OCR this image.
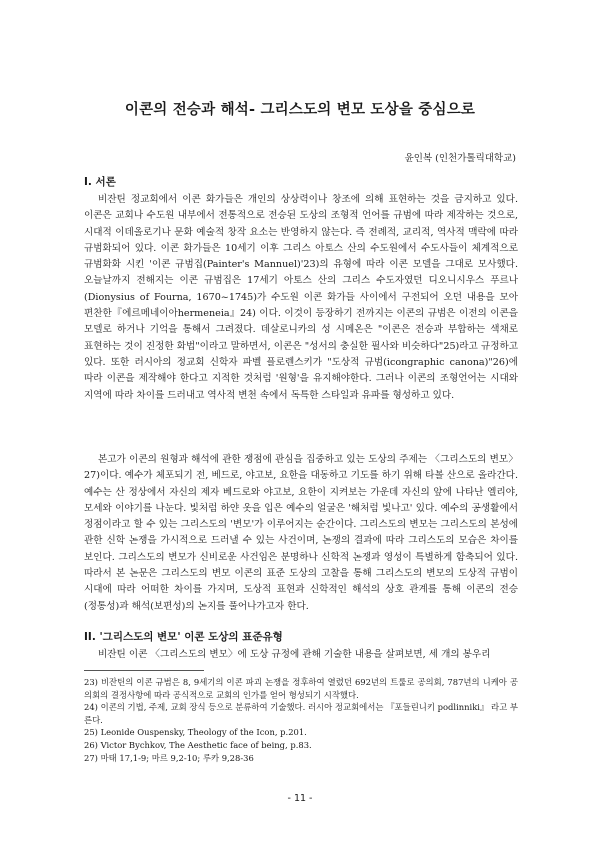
이콘의 전승과 해석- 그리스도의 변모 도상을 중심으로
윤인복 (인천가톨릭대학교)
I. 서론

비잔틴 정교회에서 이콘 화가들은 개인의 상상력이나 창조에 의해 표현하는 것을 금지하고 있다. 이콘은 교회나 수도원 내부에서 전통적으로 전승된 도상의 조형적 언어를 규범에 따라 제작하는 것으로, 시대적 이데올로기나 문화 예술적 창작 요소는 반영하지 않는다. 즉 전례적, 교리적, 역사적 맥락에 따라 규범화되어 있다. 이콘 화가들은 10세기 이후 그리스 아토스 산의 수도원에서 수도사들이 체계적으로 규범화화 시킨 '이콘 규범집(Painter's Mannuel)'23)의 유형에 따라 이콘 모델을 그대로 모사했다. 오늘날까지 전해지는 이콘 규범집은 17세기 아토스 산의 그리스 수도자였던 디오니시우스 푸르나(Dionysius of Fourna, 1670~1745)가 수도원 이콘 화가들 사이에서 구전되어 오던 내용을 모아 편찬한『에르메네이아hermeneia』24) 이다. 이것이 등장하기 전까지는 이콘의 규범은 이전의 이콘을 모델로 하거나 기억을 통해서 그려졌다. 데살로니카의 성 시메온은 "이콘은 전승과 부합하는 색채로 표현하는 것이 진정한 화법"이라고 말하면서, 이콘은 "성서의 충실한 필사와 비슷하다"25)라고 규정하고 있다. 또한 러시아의 정교회 신학자 파벨 플로렌스키가 "도상적 규범(icongraphic canona)"26)에 따라 이콘을 제작해야 한다고 지적한 것처럼 '원형'을 유지해야한다. 그러나 이콘의 조형언어는 시대와 지역에 따라 차이를 드러내고 역사적 변천 속에서 독특한 스타일과 유파를 형성하고 있다.

본고가 이콘의 원형과 해석에 관한 쟁점에 관심을 집중하고 있는 도상의 주제는 〈그리스도의 변모〉27)이다. 예수가 체포되기 전, 베드로, 야고보, 요한을 대동하고 기도를 하기 위해 타볼 산으로 올라간다. 예수는 산 정상에서 자신의 제자 베드로와 야고보, 요한이 지켜보는 가운데 자신의 앞에 나타난 엘리야, 모세와 이야기를 나눈다. 빛처럼 하얀 옷을 입은 예수의 얼굴은 '해처럼 빛나고' 있다. 예수의 공생활에서 정점이라고 할 수 있는 그리스도의 '변모'가 이루어지는 순간이다. 그리스도의 변모는 그리스도의 본성에 관한 신학 논쟁을 가시적으로 드러낼 수 있는 사건이며, 논쟁의 결과에 따라 그리스도의 모습은 차이를 보인다. 그리스도의 변모가 신비로운 사건임은 분명하나 신학적 논쟁과 영성이 특별하게 함축되어 있다. 따라서 본 논문은 그리스도의 변모 이콘의 표준 도상의 고찰을 통해 그리스도의 변모의 도상적 규범이 시대에 따라 어떠한 차이를 가지며, 도상적 표현과 신학적인 해석의 상호 관계를 통해 이콘의 전승(정통성)과 해석(보편성)의 논지를 풀어나가고자 한다.

II. '그리스도의 변모' 이콘 도상의 표준유형

비잔틴 이콘 〈그리스도의 변모〉에 도상 규정에 관해 기술한 내용을 살펴보면, 세 개의 봉우리

23) 비잔틴의 이콘 규범은 8, 9세기의 이콘 파괴 논쟁을 정후하여 열렸던 692년의 트룰로 공의회, 787년의 니케아 공의회의 결정사항에 따라 공식적으로 교회의 인가를 얻어 형성되기 시작했다.

24) 이콘의 기법, 주제, 교회 장식 등으로 분류하여 기술했다. 러시아 정교회에서는 『포들린니키 podlinniki』 라고 부른다.

25) Leonide Ouspensky, Theology of the Icon, p.201.

26) Victor Bychkov, The Aesthetic face of being, p.83.

27) 마태 17,1-9; 마르 9,2-10; 루카 9,28-36

- 11 -
